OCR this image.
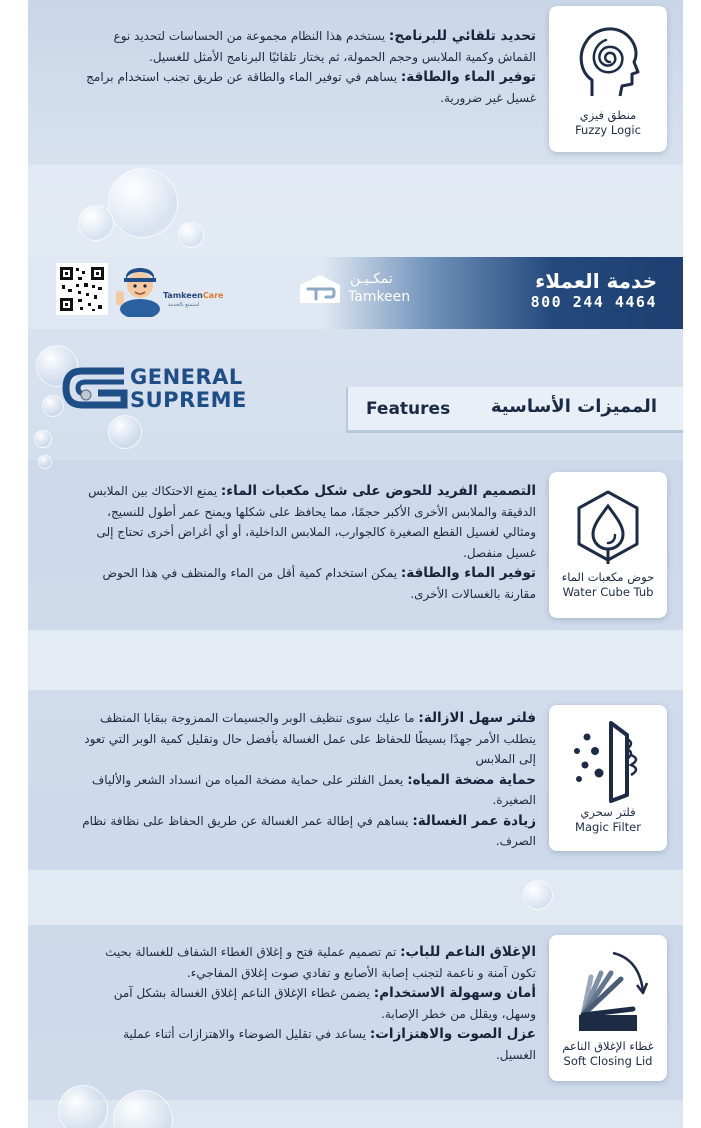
تحديد تلقائي للبرنامج: يستخدم هذا النظام مجموعة من الحساسات لتحديد نوع القماش وكمية الملابس وحجم الحمولة، ثم يختار تلقائيًا البرنامج الأمثل للغسيل.

توفير الماء والطاقة: يساهم في توفير الماء والطاقة عن طريق تجنب استخدام برامج غسيل غير ضرورية.

منطق فيزي
Fuzzy Logic
TamkeenCare
استمتع بالخدمة
تمكـيـن
Tamkeen
خدمة العملاء
800 244 4464
GENERAL
SUPREME	Features المميزات الأساسية

التصميم الفريد للحوض على شكل مكعبات الماء: يمنع الاحتكاك بين الملابس الدقيقة والملابس الأخرى الأكبر حجمًا، مما يحافظ على شكلها ويمنح عمر أطول للنسيج، ومثالي لغسيل القطع الصغيرة كالجوارب، الملابس الداخلية، أو أي أغراض أخرى تحتاج إلى غسيل منفصل.

توفير الماء والطاقة: يمكن استخدام كمية أقل من الماء والمنظف في هذا الحوض مقارنة بالغسالات الأخرى.

حوض مكعبات الماء
Water Cube Tub

فلتر سهل الازالة: ما عليك سوى تنظيف الوبر والجسيمات الممزوجة ببقايا المنظف يتطلب الأمر جهدًا بسيطًا للحفاظ على عمل الغسالة بأفضل حال وتقليل كمية الوبر التي تعود إلى الملابس

حماية مضخة المياه: يعمل الفلتر على حماية مضخة المياه من انسداد الشعر والألياف الصغيرة.

زيادة عمر الغسالة: يساهم في إطالة عمر الغسالة عن طريق الحفاظ على نظافة نظام الصرف.

فلتر سحري
Magic Filter

الإغلاق الناعم للباب: تم تصميم عملية فتح و إغلاق الغطاء الشفاف للغسالة بحيث تكون آمنة و ناعمة لتجنب إصابة الأصابع و تفادي صوت إغلاق المفاجيء.

أمان وسهولة الاستخدام: يضمن غطاء الإغلاق الناعم إغلاق الغسالة بشكل آمن وسهل، ويقلل من خطر الإصابة.

عزل الصوت والاهتزازات: يساعد في تقليل الضوضاء والاهتزازات أثناء عملية الغسيل.

غطاء الإغلاق الناعم
Soft Closing Lid
